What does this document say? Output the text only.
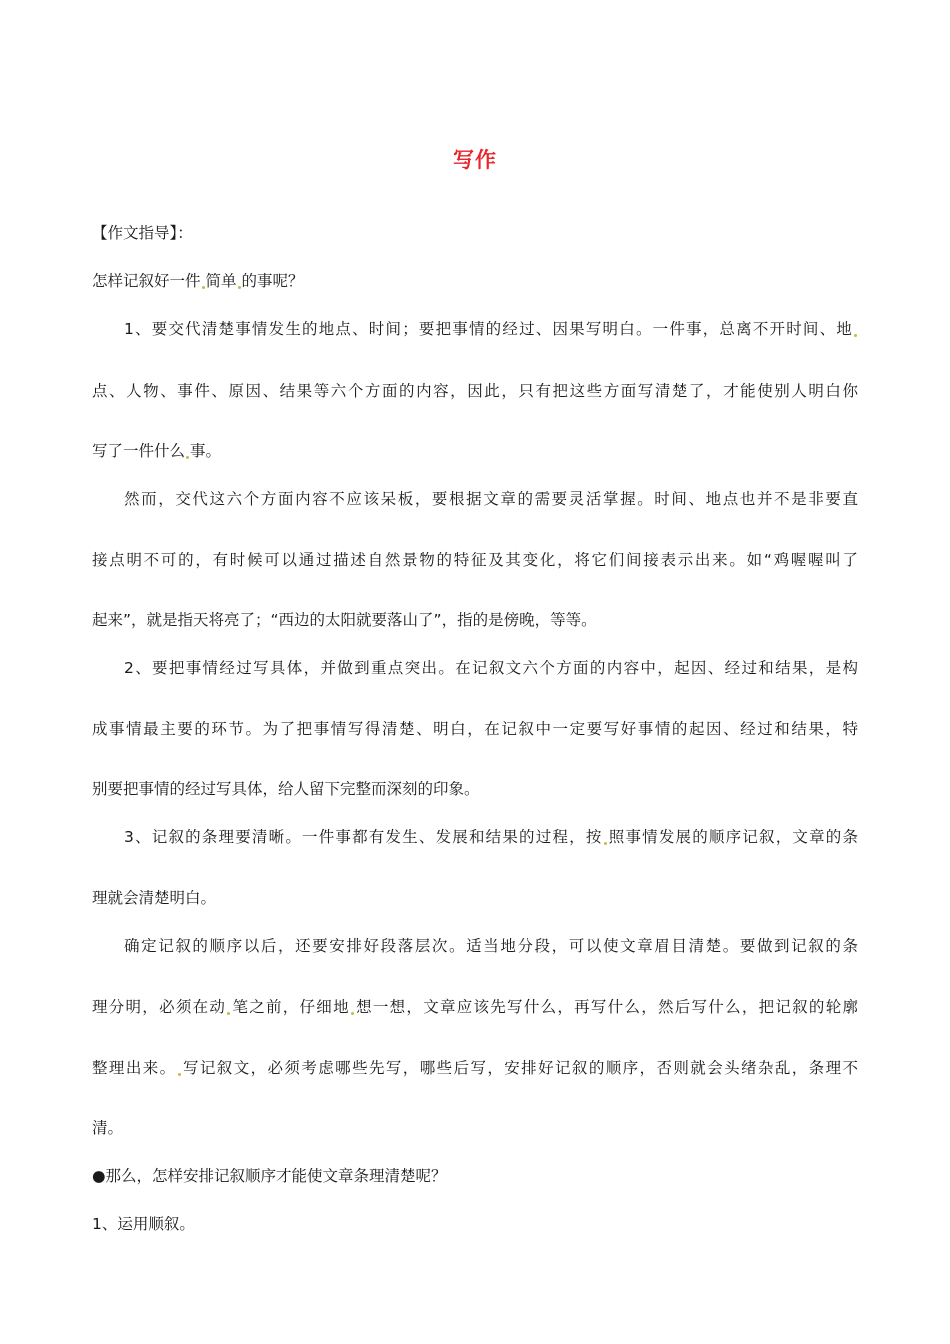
写作
【作文指导】：
怎样记叙好一件 简单 的事呢？
1、要交代清楚事情发生的地点、时间；要把事情的经过、因果写明白。一件事，总离不开时间、地
点、人物、事件、原因、结果等六个方面的内容，因此，只有把这些方面写清楚了，才能使别人明白你
写了一件什么 事。
然而，交代这六个方面内容不应该呆板，要根据文章的需要灵活掌握。时间、地点也并不是非要直
接点明不可的，有时候可以通过描述自然景物的特征及其变化，将它们间接表示出来。如“鸡喔喔叫了
起来”，就是指天将亮了；“西边的太阳就要落山了”，指的是傍晚，等等。
2、要把事情经过写具体，并做到重点突出。在记叙文六个方面的内容中，起因、经过和结果，是构
成事情最主要的环节。为了把事情写得清楚、明白，在记叙中一定要写好事情的起因、经过和结果，特
别要把事情的经过写具体，给人留下完整而深刻的印象。
3、记叙的条理要清晰。一件事都有发生、发展和结果的过程，按 照事情发展的顺序记叙，文章的条
理就会清楚明白。
确定记叙的顺序以后，还要安排好段落层次。适当地分段，可以使文章眉目清楚。要做到记叙的条
理分明，必须在动 笔之前，仔细地 想一想，文章应该先写什么，再写什么，然后写什么，把记叙的轮廓
整理出来。 写记叙文，必须考虑哪些先写，哪些后写，安排好记叙的顺序，否则就会头绪杂乱，条理不
清。
●那么，怎样安排记叙顺序才能使文章条理清楚呢？
1、运用顺叙。
